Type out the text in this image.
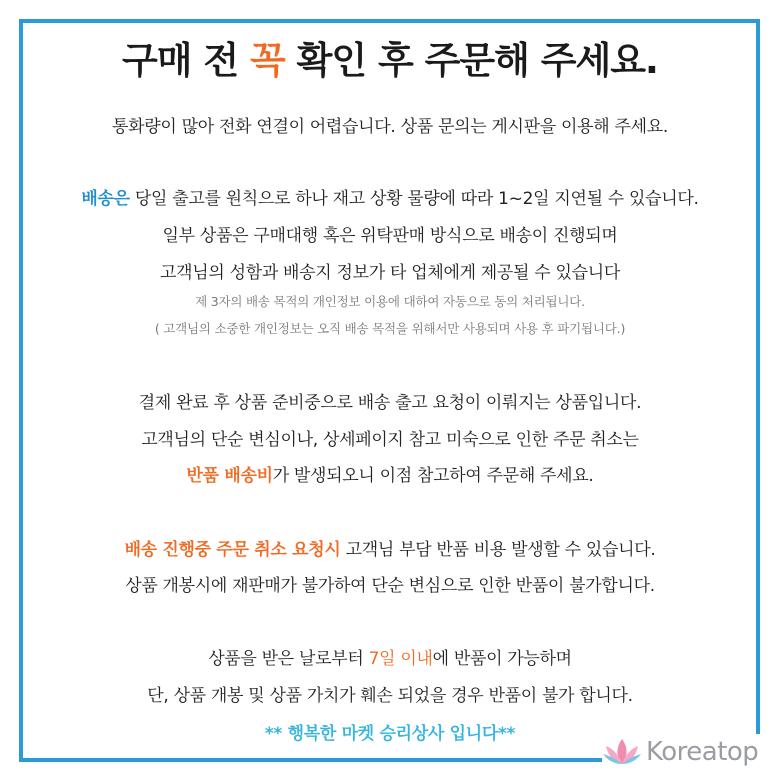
구매 전 꼭 확인 후 주문해 주세요.
통화량이 많아 전화 연결이 어렵습니다. 상품 문의는 게시판을 이용해 주세요.
배송은 당일 출고를 원칙으로 하나 재고 상황 물량에 따라 1~2일 지연될 수 있습니다.
일부 상품은 구매대행 혹은 위탁판매 방식으로 배송이 진행되며
고객님의 성함과 배송지 정보가 타 업체에게 제공될 수 있습니다
제 3자의 배송 목적의 개인정보 이용에 대하여 자동으로 동의 처리됩니다.
( 고객님의 소중한 개인정보는 오직 배송 목적을 위해서만 사용되며 사용 후 파기됩니다.)
결제 완료 후 상품 준비중으로 배송 출고 요청이 이뤄지는 상품입니다.
고객님의 단순 변심이나, 상세페이지 참고 미숙으로 인한 주문 취소는
반품 배송비가 발생되오니 이점 참고하여 주문해 주세요.
배송 진행중 주문 취소 요청시 고객님 부담 반품 비용 발생할 수 있습니다.
상품 개봉시에 재판매가 불가하여 단순 변심으로 인한 반품이 불가합니다.
상품을 받은 날로부터 7일 이내에 반품이 가능하며
단, 상품 개봉 및 상품 가치가 훼손 되었을 경우 반품이 불가 합니다.
** 행복한 마켓 승리상사 입니다**
Koreatop
